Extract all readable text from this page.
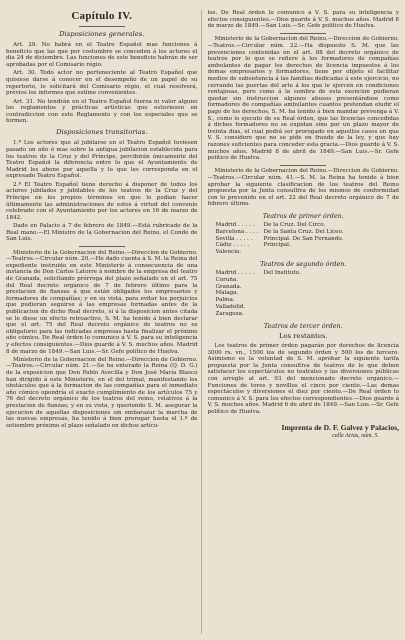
Capítulo IV.
Disposiciones generales.

Art. 29. No habrá en el Teatro Español mas funciones á beneficio que las que por costumbre se conceden á los actores el dia 24 de diciembre. Las funciones de este beneficio habrán de ser aprobadas por el Comisario régio.

Art. 30. Todo actor no perteneciente al Teatro Español que quisiese darse á conocer en el desempeño de un papel de su repertorio, lo solicitará del Comisario régio, el cual resolverá, prévios los informes que estime convenientes.

Art. 31. No tendrán en el Teatro Español fuerza ni valor alguno los reglamentos y prácticas artísticas que estuviesen en contradiccion con este Reglamento y con los especiales que se formen.

Disposiciones transitorias.

1.ª Los actores que al jubilarse en el Teatro Español tuviesen pasado un año ó mas sobre la antigua jubilacion establecida para los teatros de la Cruz y del Príncipe, percibirán únicamente del Teatro Español la diferencia entre lo que el Ayuntamiento de Madrid les abone por aquella y lo que les corresponda en el expresado Teatro Español.

2.ª El Teatro Español tiene derecho á disponer de todos los actores jubilados y jubilables de los teatros de la Cruz y del Príncipe en los propios términos en que lo podian hacer últimamente las administraciones de estos á virtud del convenio celebrado con el Ayuntamiento por los actores en 16 de marzo de 1842.

Dado en Palacio á 7 de febrero de 1849.—Está rubricado de la Real mano.—El Ministro de la Gobernacion del Reino, el Conde de San Luis.

Ministerio de la Gobernacion del Reino.—Direccion de Gobierno.—Teatros.—Circular núm. 20.—He dado cuenta á S. M. la Reina del expediente instruido en este Ministerio á consecuencia de una instancia de Don Cárlos Latorre á nombre de la empresa del teatro de Granada, solicitando prórroga del plazo señalado en el art. 75 del Real decreto orgánico de 7 de febrero último para la prestacion de fianzas á que están obligados los empresarios y formadores de compañías; y en su vista, para evitar los perjuicios que pudieran seguirse á las empresas formadas antes de la publicacion de dicho Real decreto, si á la disposicion antes citada se le diese un efecto retroactivo, S. M. ha tenido á bien declarar que el art. 75 del Real decreto orgánico de teatros no es obligatorio para las indicadas empresas hasta finalizar el próximo año cómico. De Real órden lo comunico á V. S. para su inteligencia y efectos consiguientes.—Dios guarde á V. S. muchos años. Madrid 8 de marzo de 1849.—San Luis.—Sr. Gefe político de Huelva.

Ministerio de la Gobernacion del Reino.—Direccion de Gobierno.—Teatros.—Circular núm. 21.—Se ha enterado la Reina (Q. D. G.) de la exposicion que Don Pablo Avecilla y Don José María Blasco han dirigido á este Ministerio, en el del trimal, manifestando los obstáculos que á la formacion de las compañías para el inmediato año cómico opondría el exacto cumplimiento de los artículos 75 y 76 del decreto orgánico de los teatros del reino, relativos á la prestacion de fianzas; y en su vista, y queriendo S. M. asegurar la ejecucion de aquellas disposiciones sin embarazar la marcha de las nuevas empresas, ha tenido á bien prorogar hasta el 1.º de setiembre próximo el plazo señalado en dichos artícu-

los. De Real órden lo comunico á V. S. para su inteligencia y efectos consiguientes.—Dios guarde á V. S. muchos años. Madrid 8 de marzo de 1849.—San Luis.—Sr. Gefe político de Huelva.

Ministerio de la Gobernacion del Reino.—Direccion de Gobierno.—Teatros.—Circular núm. 22.—Ha dispuesto S. M. que las prevenciones contenidas en el art. 88 del decreto orgánico de teatros por lo que se refiere á los formadores de compañías ambulantes de pagar los derechos de licencia impuestos á los demas empresarios y formadores, tiene por objeto el facilitar medios de subsistencia á las familias dedicadas á este ejercicio, no cerrando las puertas del arte á los que le ejercen en condiciones ventajosas, pero como á la sombra de esta exencion pudieran quedar sin instruccion algunos abusos presentándose como formadores de compañías ambulantes cuantos pretendan eludir el pago de los derechos, S. M. ha tenido á bien mandar prevenga á V. S., como lo ejecuto de su Real órden, que las licencias concedidas á dichos formadores no se expidan sino por un plazo mayor de treinta dias, el cual podrá ser prorogado en aquellos casos en que V. S. considere que no se pide en fraude de la ley, y que hay razones suficientes para conceder esta gracia.—Dios guarde á V. S. muchos años. Madrid 8 de abril de 1849.—San Luis.—Sr. Gefe político de Huelva.

Ministerio de la Gobernacion del Reino.—Direccion de Gobierno.—Teatros.—Circular núm. 41.—S. M. la Reina ha tenido á bien aprobar la siguiente clasificacion de los teatros del Reino propuesta por la Junta consultiva de los mismos de conformidad con lo prevenido en el art. 22 del Real decreto orgánico de 7 de febrero último.

Teatros de primer órden.
Madrid . . . . .	De la Cruz. Del Circo.
Barcelona . . . . De la Santa Cruz. Del Liceo.
Sevilla . . . . .	Principal. De San Fernando.
Cádiz . . . . .	Principal.
Valencia.
Teatros de segundo órden.
Madrid . . . . .	Del Instituto.
Coruña.
Granada.
Málaga.
Palma.
Valladolid.
Zaragoza.
Teatros de tercer órden.
Los restantes.

Los teatros de primer órden pagarán por derechos de licencia 3000 rs. vn., 1500 los de segundo órden y 500 los de tercero. Asimismo es la voluntad de S. M. aprobar la siguiente tarifa propuesta por la Junta consultiva de teatros de lo que deben satisfacer los espectáculos no teatrales y las diversiones públicas con arreglo al art. 93 del mencionado decreto orgánico.—Funciones de toros y novillos el cinco por ciento.—Las demas espectáculos y diversiones el diez por ciento.—De Real órden lo comunico á V. S. para los efectos correspondientes.—Dios guarde á V. S. muchos años. Madrid 6 de abril de 1849.—San Luis.—Sr. Gefe político de Huelva.

Imprenta de D. F. Galvez y Palacios,
calle Arias, núm. 5.
